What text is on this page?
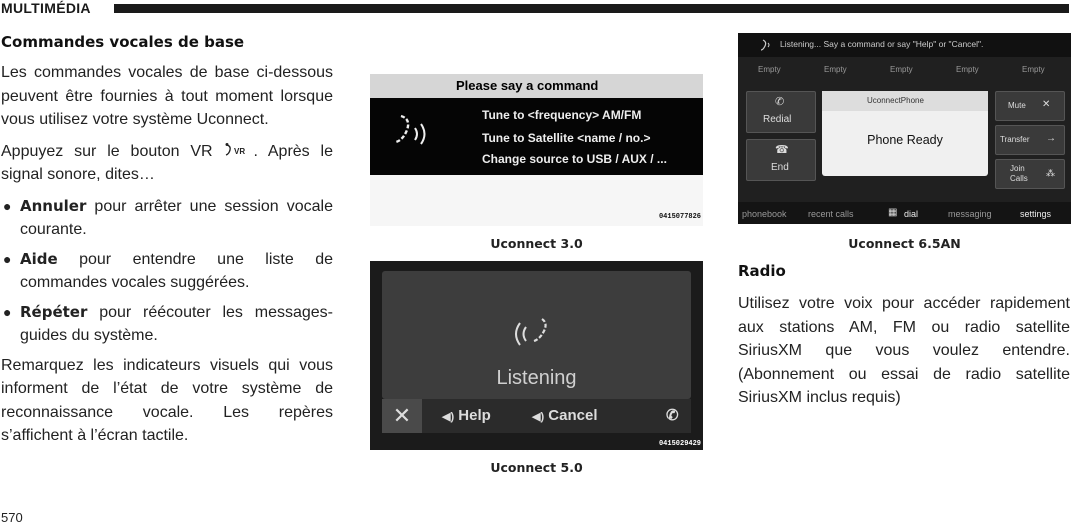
MULTIMÉDIA
Commandes vocales de base

Les commandes vocales de base ci-dessous peuvent être fournies à tout moment lorsque vous utilisez votre système Uconnect.

Appuyez sur le bouton VR	VR . Après le signal sonore, dites…

● Annuler pour arrêter une session vocale courante.
● Aide pour entendre une liste de commandes vocales suggérées.
● Répéter pour réécouter les messages-guides du système.

Remarquez les indicateurs visuels qui vous informent de l’état de votre système de reconnaissance vocale. Les repères s’affichent à l’écran tactile.

Please say a command
Tune to <frequency> AM/FM
Tune to Satellite <name / no.>
Change source to USB / AUX / ...
0415077826
Uconnect 3.0
Listening
✕	◀) Help	◀) Cancel	✆
0415029429
Uconnect 5.0
Listening... Say a command or say "Help" or "Cancel".
Empty	Empty	Empty	Empty	Empty
✆
Redial
☎
End
UconnectPhone
Phone Ready
Mute ✕
Transfer →
Join Calls
⁂
phonebook recent calls	▦ dial	messaging	settings
Uconnect 6.5AN
Radio

Utilisez votre voix pour accéder rapidement aux stations AM, FM ou radio satellite SiriusXM que vous voulez entendre. (Abonnement ou essai de radio satellite SiriusXM inclus requis)

570
